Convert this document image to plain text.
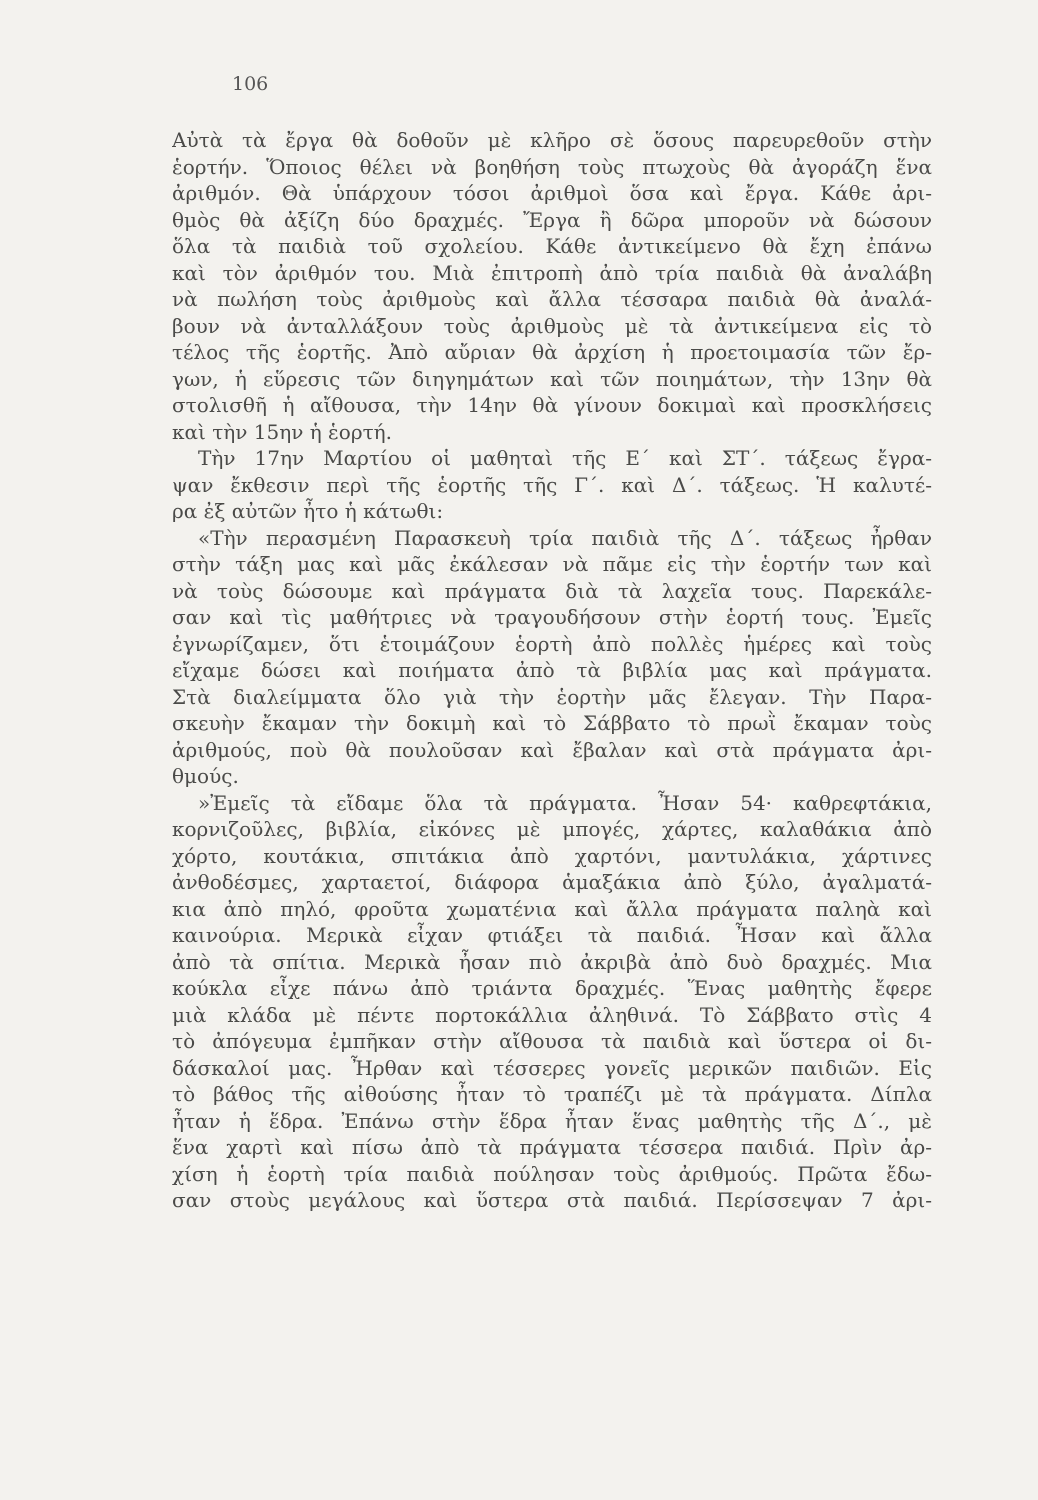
106
Αὐτὰ τὰ ἔργα θὰ δοθοῦν μὲ κλῆρο σὲ ὅσους παρευρεθοῦν στὴν
ἑορτήν. Ὅποιος θέλει νὰ βοηθήση τοὺς πτωχοὺς θὰ ἀγοράζη ἕνα
ἀριθμόν. Θὰ ὑπάρχουν τόσοι ἀριθμοὶ ὅσα καὶ ἔργα. Κάθε ἀρι-
θμὸς θὰ ἀξίζη δύο δραχμές. Ἔργα ἢ δῶρα μποροῦν νὰ δώσουν
ὅλα τὰ παιδιὰ τοῦ σχολείου. Κάθε ἀντικείμενο θὰ ἔχη ἐπάνω
καὶ τὸν ἀριθμόν του. Μιὰ ἐπιτροπὴ ἀπὸ τρία παιδιὰ θὰ ἀναλάβη
νὰ πωλήση τοὺς ἀριθμοὺς καὶ ἄλλα τέσσαρα παιδιὰ θὰ ἀναλά-
βουν νὰ ἀνταλλάξουν τοὺς ἀριθμοὺς μὲ τὰ ἀντικείμενα εἰς τὸ
τέλος τῆς ἑορτῆς. Ἀπὸ αὔριαν θὰ ἀρχίση ἡ προετοιμασία τῶν ἔρ-
γων, ἡ εὕρεσις τῶν διηγημάτων καὶ τῶν ποιημάτων, τὴν 13ην θὰ
στολισθῆ ἡ αἴθουσα, τὴν 14ην θὰ γίνουν δοκιμαὶ καὶ προσκλήσεις
καὶ τὴν 15ην ἡ ἑορτή.
Τὴν 17ην Μαρτίου οἱ μαθηταὶ τῆς Ε΄ καὶ ΣΤ΄. τάξεως ἔγρα-
ψαν ἔκθεσιν περὶ τῆς ἑορτῆς τῆς Γ΄. καὶ Δ΄. τάξεως. Ἡ καλυτέ-
ρα ἐξ αὐτῶν ἦτο ἡ κάτωθι:
«Τὴν περασμένη Παρασκευὴ τρία παιδιὰ τῆς Δ΄. τάξεως ἦρθαν
στὴν τάξη μας καὶ μᾶς ἐκάλεσαν νὰ πᾶμε εἰς τὴν ἑορτήν των καὶ
νὰ τοὺς δώσουμε καὶ πράγματα διὰ τὰ λαχεῖα τους. Παρεκάλε-
σαν καὶ τὶς μαθήτριες νὰ τραγουδήσουν στὴν ἑορτή τους. Ἐμεῖς
ἐγνωρίζαμεν, ὅτι ἑτοιμάζουν ἑορτὴ ἀπὸ πολλὲς ἡμέρες καὶ τοὺς
εἴχαμε δώσει καὶ ποιήματα ἀπὸ τὰ βιβλία μας καὶ πράγματα.
Στὰ διαλείμματα ὅλο γιὰ τὴν ἑορτὴν μᾶς ἔλεγαν. Τὴν Παρα-
σκευὴν ἔκαμαν τὴν δοκιμὴ καὶ τὸ Σάββατο τὸ πρωῒ ἔκαμαν τοὺς
ἀριθμούς, ποὺ θὰ πουλοῦσαν καὶ ἔβαλαν καὶ στὰ πράγματα ἀρι-
θμούς.
»Ἐμεῖς τὰ εἴδαμε ὅλα τὰ πράγματα. Ἦσαν 54· καθρεφτάκια,
κορνιζοῦλες, βιβλία, εἰκόνες μὲ μπογές, χάρτες, καλαθάκια ἀπὸ
χόρτο, κουτάκια, σπιτάκια ἀπὸ χαρτόνι, μαντυλάκια, χάρτινες
ἀνθοδέσμες, χαρταετοί, διάφορα ἁμαξάκια ἀπὸ ξύλο, ἀγαλματά-
κια ἀπὸ πηλό, φροῦτα χωματένια καὶ ἄλλα πράγματα παληὰ καὶ
καινούρια. Μερικὰ εἶχαν φτιάξει τὰ παιδιά. Ἦσαν καὶ ἄλλα
ἀπὸ τὰ σπίτια. Μερικὰ ἦσαν πιὸ ἀκριβὰ ἀπὸ δυὸ δραχμές. Μια
κούκλα εἶχε πάνω ἀπὸ τριάντα δραχμές. Ἕνας μαθητὴς ἔφερε
μιὰ κλάδα μὲ πέντε πορτοκάλλια ἀληθινά. Τὸ Σάββατο στὶς 4
τὸ ἀπόγευμα ἐμπῆκαν στὴν αἴθουσα τὰ παιδιὰ καὶ ὕστερα οἱ δι-
δάσκαλοί μας. Ἦρθαν καὶ τέσσερες γονεῖς μερικῶν παιδιῶν. Εἰς
τὸ βάθος τῆς αἰθούσης ἦταν τὸ τραπέζι μὲ τὰ πράγματα. Δίπλα
ἦταν ἡ ἕδρα. Ἐπάνω στὴν ἕδρα ἦταν ἕνας μαθητὴς τῆς Δ΄., μὲ
ἕνα χαρτὶ καὶ πίσω ἀπὸ τὰ πράγματα τέσσερα παιδιά. Πρὶν ἀρ-
χίση ἡ ἑορτὴ τρία παιδιὰ πούλησαν τοὺς ἀριθμούς. Πρῶτα ἔδω-
σαν στοὺς μεγάλους καὶ ὕστερα στὰ παιδιά. Περίσσεψαν 7 ἀρι-
